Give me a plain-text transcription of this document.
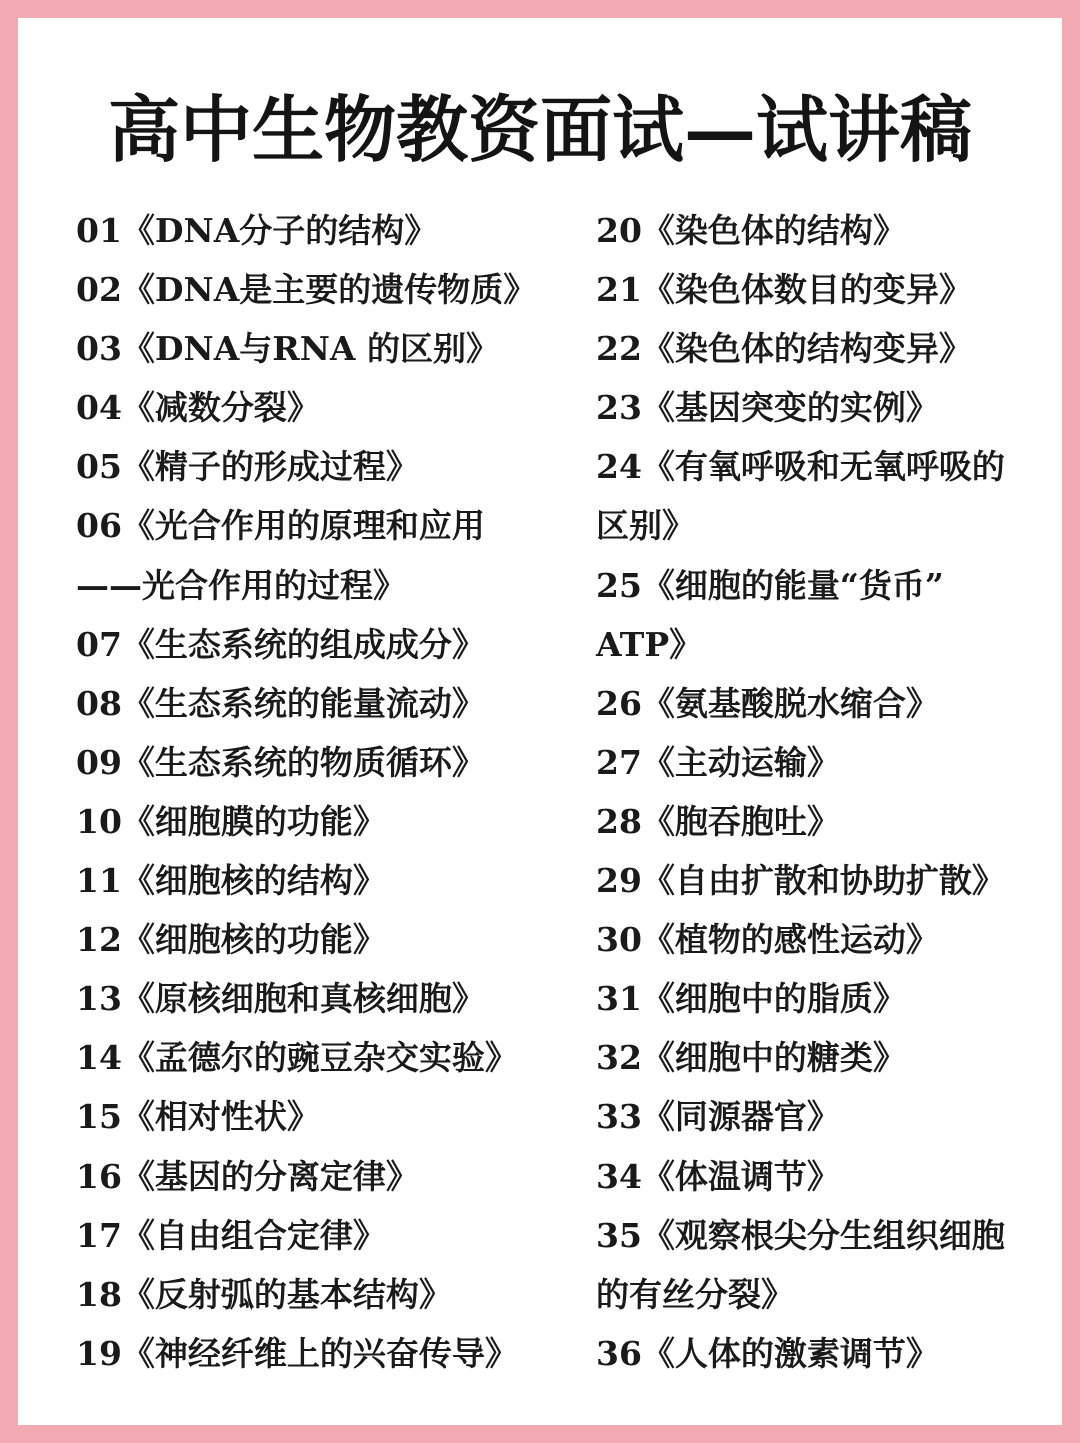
高中生物教资面试—试讲稿
01《DNA分子的结构》
02《DNA是主要的遗传物质》
03《DNA与RNA 的区别》
04《减数分裂》
05《精子的形成过程》
06《光合作用的原理和应用
——光合作用的过程》
07《生态系统的组成成分》
08《生态系统的能量流动》
09《生态系统的物质循环》
10《细胞膜的功能》
11《细胞核的结构》
12《细胞核的功能》
13《原核细胞和真核细胞》
14《孟德尔的豌豆杂交实验》
15《相对性状》
16《基因的分离定律》
17《自由组合定律》
18《反射弧的基本结构》
19《神经纤维上的兴奋传导》
20《染色体的结构》
21《染色体数目的变异》
22《染色体的结构变异》
23《基因突变的实例》
24《有氧呼吸和无氧呼吸的
区别》
25《细胞的能量“货币”
ATP》
26《氨基酸脱水缩合》
27《主动运输》
28《胞吞胞吐》
29《自由扩散和协助扩散》
30《植物的感性运动》
31《细胞中的脂质》
32《细胞中的糖类》
33《同源器官》
34《体温调节》
35《观察根尖分生组织细胞
的有丝分裂》
36《人体的激素调节》
